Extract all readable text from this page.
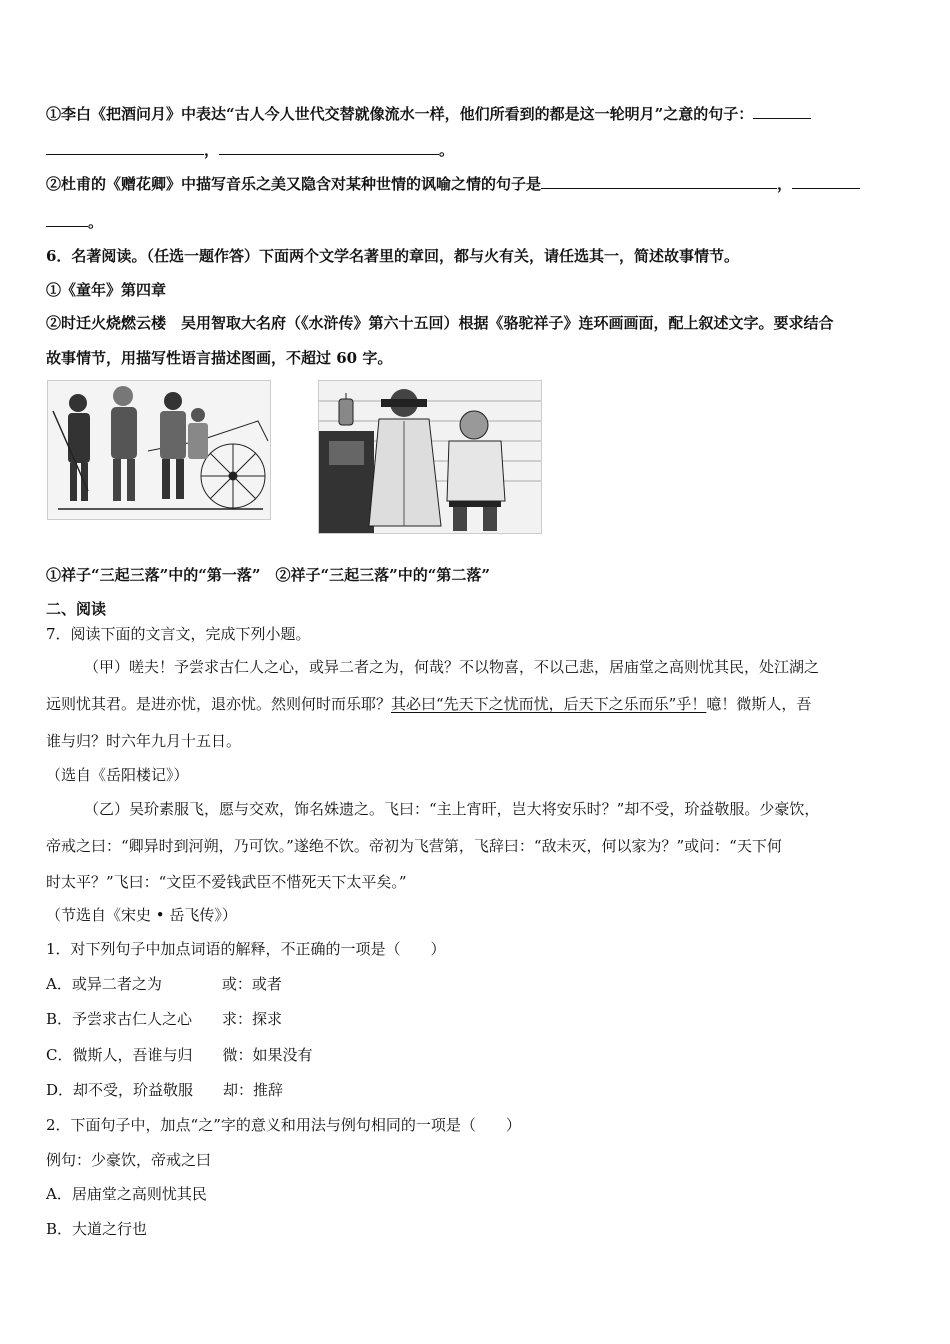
①李白《把酒问月》中表达“古人今人世代交替就像流水一样，他们所看到的都是这一轮明月”之意的句子：
，	。
②杜甫的《赠花卿》中描写音乐之美又隐含对某种世情的讽喻之情的句子是	，
。
6．名著阅读。（任选一题作答）下面两个文学名著里的章回，都与火有关，请任选其一，简述故事情节。
①《童年》第四章
②时迁火烧燃云楼　吴用智取大名府（《水浒传》第六十五回）根据《骆驼祥子》连环画画面，配上叙述文字。要求结合
故事情节，用描写性语言描述图画，不超过 60 字。
①祥子“三起三落”中的“第一落”　②祥子“三起三落”中的“第二落”
二、阅读
7．阅读下面的文言文，完成下列小题。
（甲）嗟夫！予尝求古仁人之心，或异二者之为，何哉？不以物喜，不以己悲，居庙堂之高则忧其民，处江湖之
远则忧其君。是进亦忧，退亦忧。然则何时而乐耶？其必曰“先天下之忧而忧，后天下之乐而乐”乎！噫！微斯人，吾
谁与归？时六年九月十五日。
（选自《岳阳楼记》）
（乙）吴玠素服飞，愿与交欢，饰名姝遗之。飞曰：“主上宵旰，岂大将安乐时？”却不受，玠益敬服。少豪饮，
帝戒之曰：“卿异时到河朔，乃可饮。”遂绝不饮。帝初为飞营第，飞辞曰：“敌未灭，何以家为？”或问：“天下何
时太平？”飞曰：“文臣不爱钱武臣不惜死天下太平矣。”
（节选自《宋史 • 岳飞传》）
1．对下列句子中加点词语的解释，不正确的一项是（　　）
A．或异二者之为	或：或者
B．予尝求古仁人之心 求：探求
C．微斯人，吾谁与归 微：如果没有
D．却不受，玠益敬服 却：推辞
2．下面句子中，加点“之”字的意义和用法与例句相同的一项是（　　）
例句：少豪饮，帝戒之曰
A．居庙堂之高则忧其民
B．大道之行也
